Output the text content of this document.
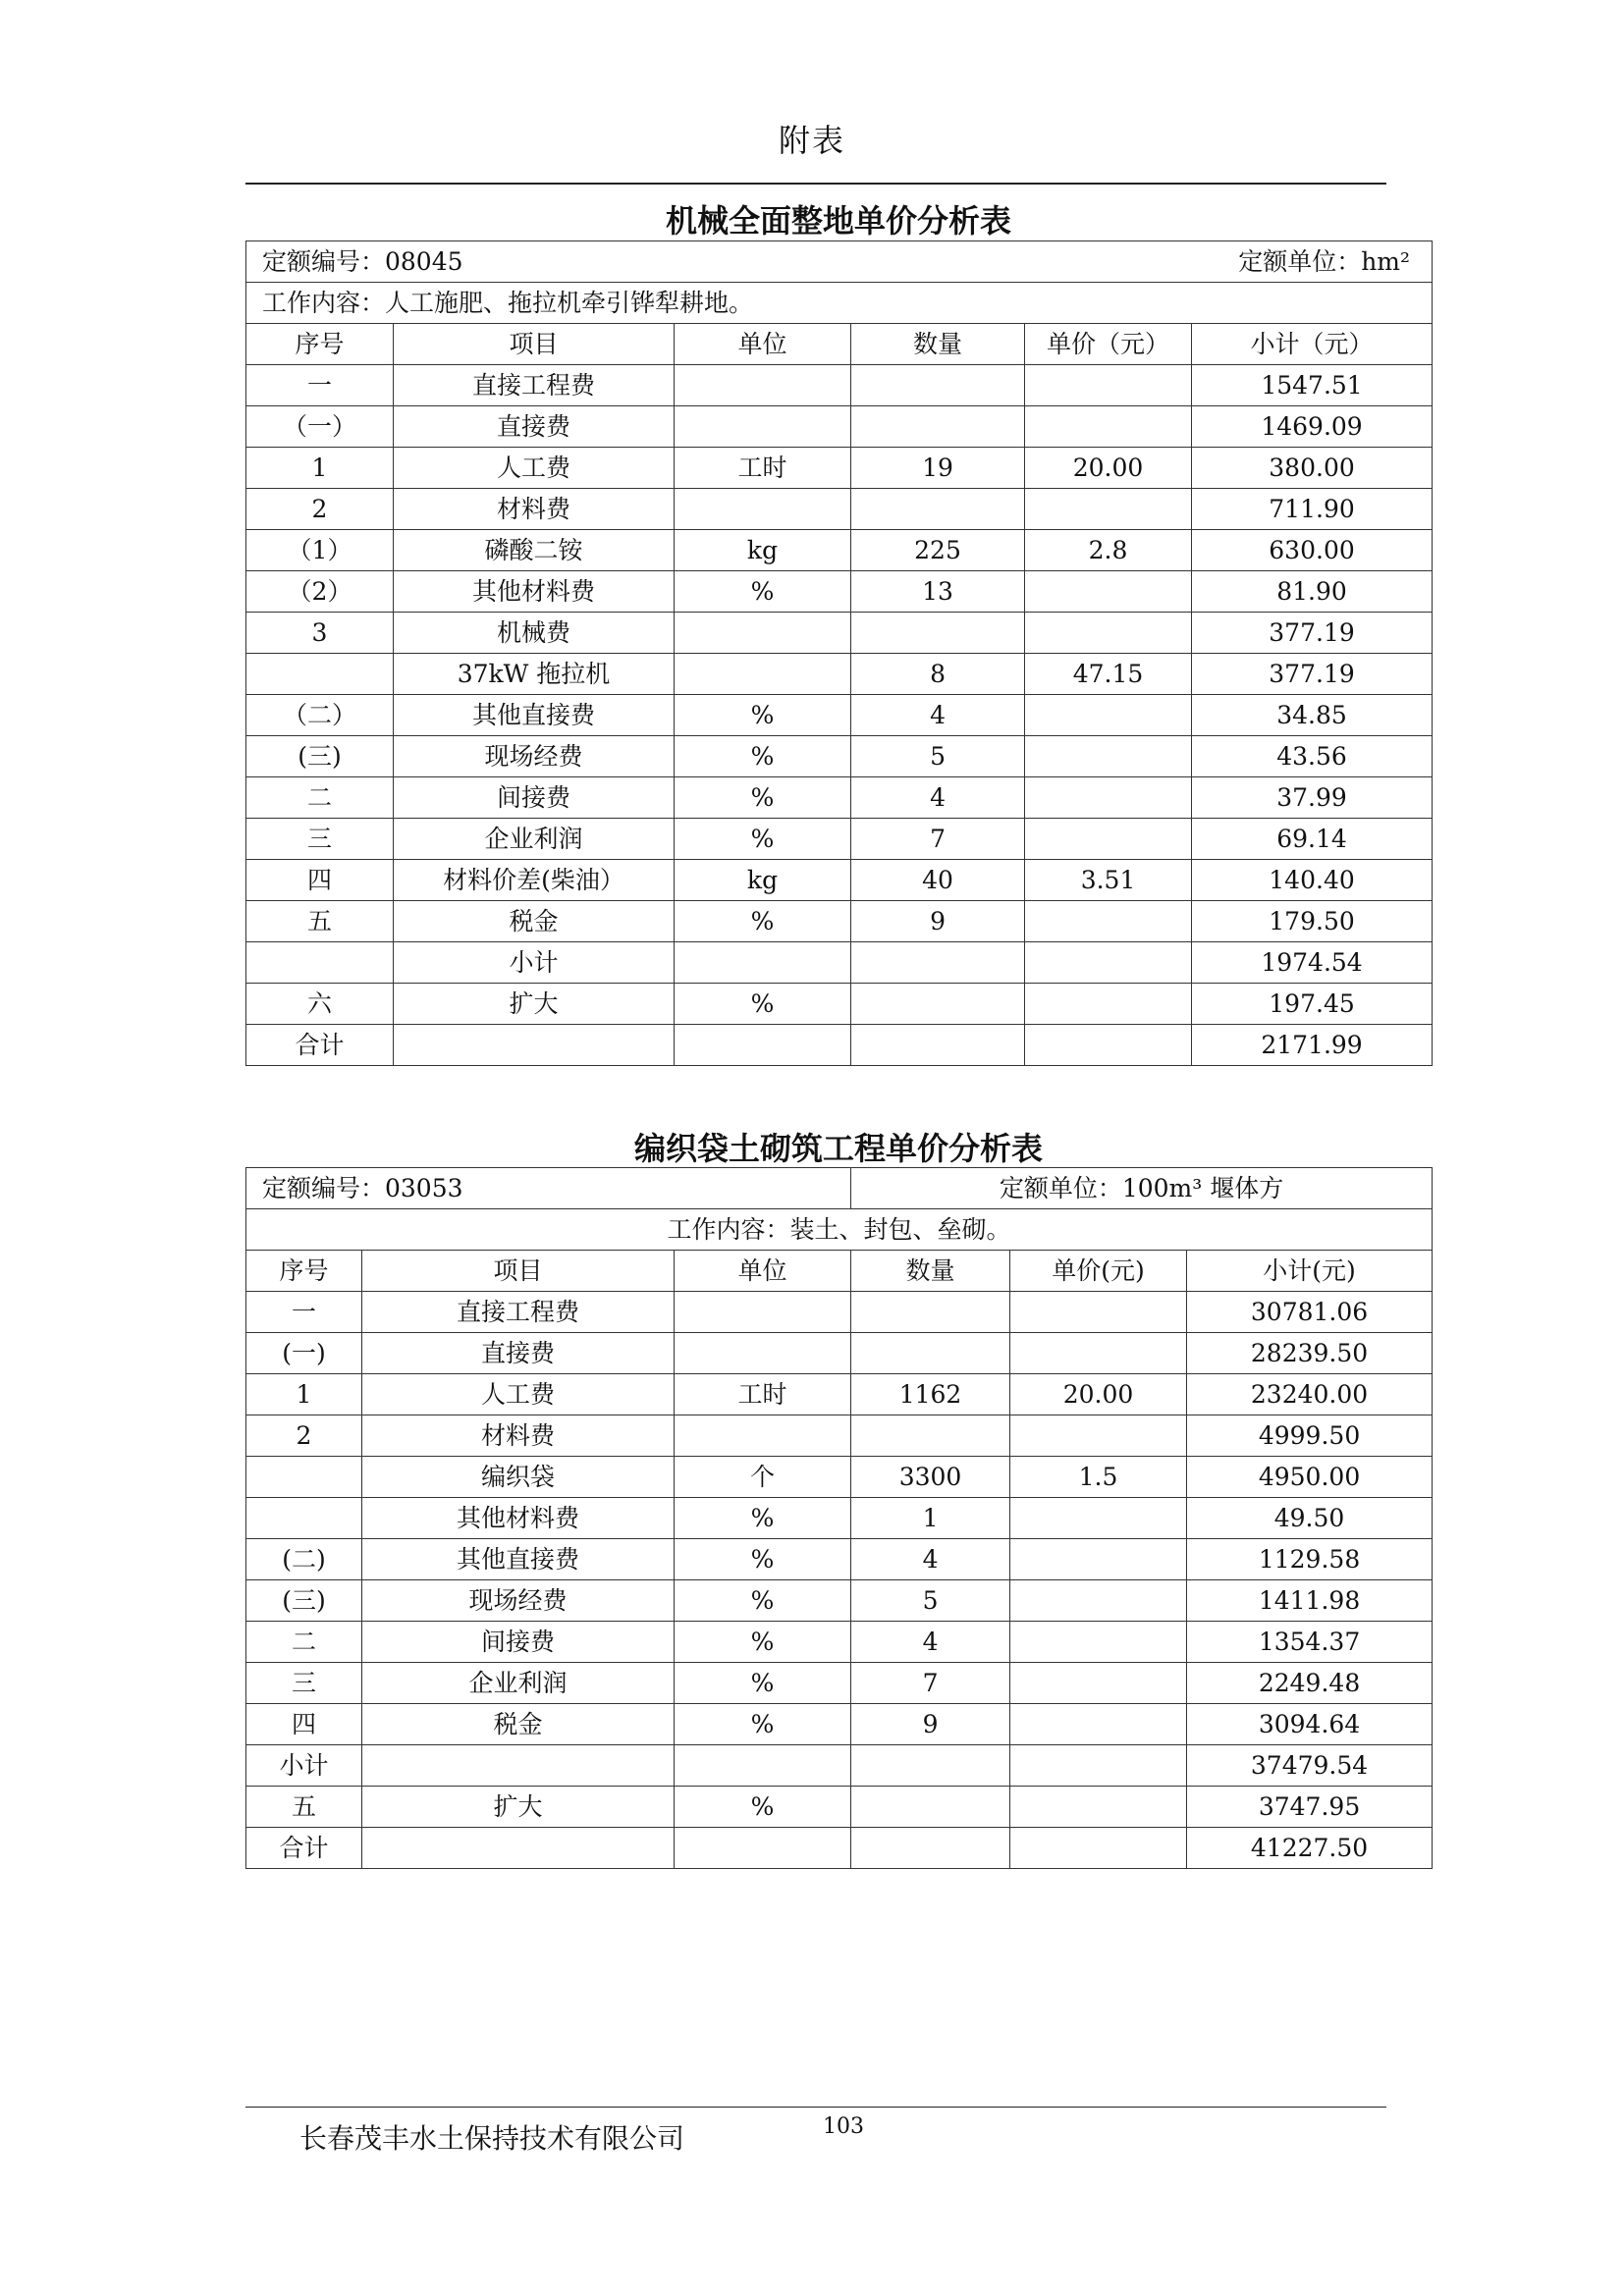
附表
机械全面整地单价分析表
定额编号：08045				定额单位：hm²	
工作内容：人工施肥、拖拉机牵引铧犁耕地。					
序号	项目	单位	数量	单价（元）	小计（元）
一	直接工程费				1547.51
（一）	直接费				1469.09
1	人工费	工时	19	20.00	380.00
2	材料费				711.90
（1）	磷酸二铵	kg	225	2.8	630.00
（2）	其他材料费	%	13		81.90
3	机械费				377.19
	37kW 拖拉机		8	47.15	377.19
（二）	其他直接费	%	4		34.85
(三)	现场经费	%	5		43.56
二	间接费	%	4		37.99
三	企业利润	%	7		69.14
四	材料价差(柴油）	kg	40	3.51	140.40
五	税金	%	9		179.50
	小计				1974.54
六	扩大	%			197.45
合计					2171.99
编织袋土砌筑工程单价分析表
定额编号：03053			定额单位：100m³ 堰体方		
工作内容：装土、封包、垒砌。					
序号	项目	单位	数量	单价(元)	小计(元)
一	直接工程费				30781.06
(一)	直接费				28239.50
1	人工费	工时	1162	20.00	23240.00
2	材料费				4999.50
	编织袋	个	3300	1.5	4950.00
	其他材料费	%	1		49.50
(二)	其他直接费	%	4		1129.58
(三)	现场经费	%	5		1411.98
二	间接费	%	4		1354.37
三	企业利润	%	7		2249.48
四	税金	%	9		3094.64
小计					37479.54
五	扩大	%			3747.95
合计					41227.50
长春茂丰水土保持技术有限公司	103
